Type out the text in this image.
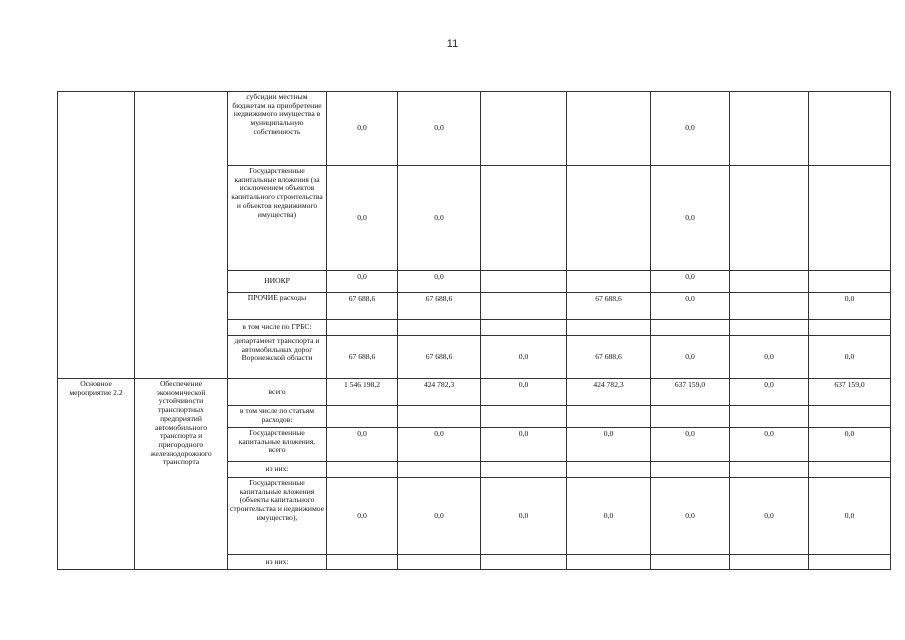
11
		субсидии местным бюджетам на приобретение недвижимого имущества в муниципальную собственность	0,0	0,0			0,0		
		Государственные капитальные вложения (за исключением объектов капитального строительства и объектов недвижимого имущества)	0,0	0,0			0,0		
		НИОКР	0,0	0,0			0,0		
		ПРОЧИЕ расходы	67 688,6	67 688,6		67 688,6	0,0		0,0
		в том числе по ГРБС:							
		департамент транспорта и автомобильных дорог Воронежской области	67 688,6	67 688,6	0,0	67 688,6	0,0	0,0	0,0
Основное мероприятие 2.2	Обеспечение экономической устойчивости транспортных предприятий автомобильного транспорта и пригородного железнодорожного транспорта	всего	1 546 198,2	424 782,3	0,0	424 782,3	637 159,0	0,0	637 159,0
		в том числе по статьям расходов:							
		Государственные капитальные вложения, всего	0,0	0,0	0,0	0,0	0,0	0,0	0,0
		из них:							
		Государственные капитальные вложения (объекты капитального строительства и недвижимое имущество),	0,0	0,0	0,0	0,0	0,0	0,0	0,0
		из них:							
